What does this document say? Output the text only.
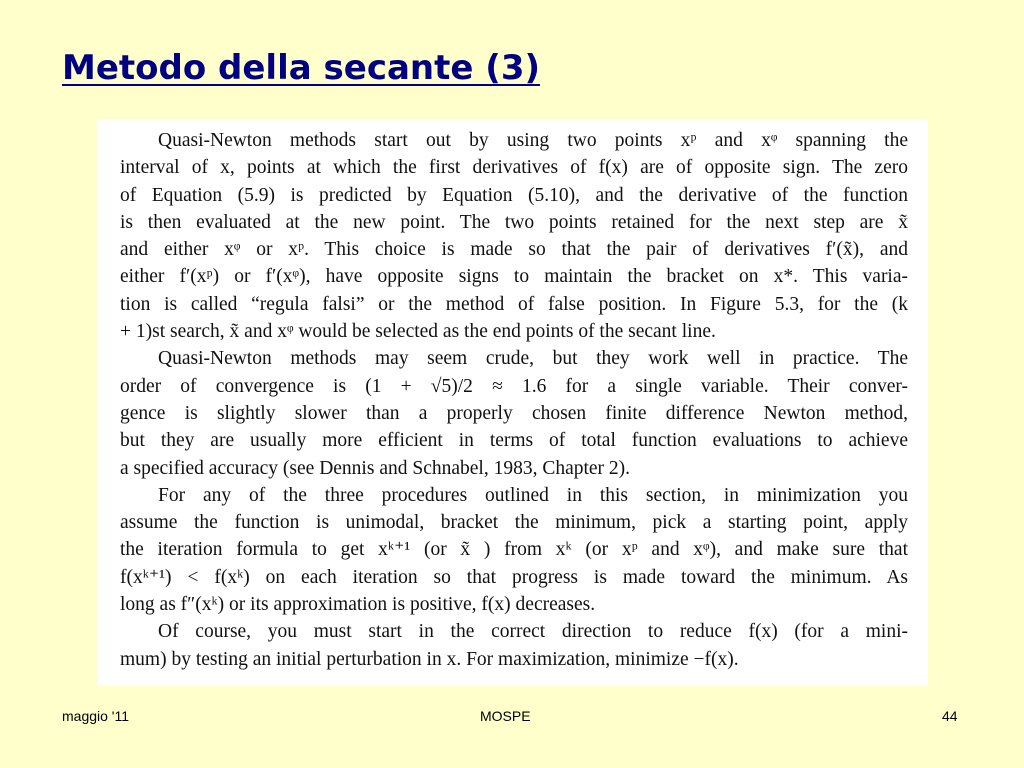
Metodo della secante (3)
Quasi-Newton methods start out by using two points xᵖ and xᵠ spanning the
interval of x, points at which the first derivatives of f(x) are of opposite sign. The zero
of Equation (5.9) is predicted by Equation (5.10), and the derivative of the function
is then evaluated at the new point. The two points retained for the next step are x̃
and either xᵠ or xᵖ. This choice is made so that the pair of derivatives f′(x̃), and
either f′(xᵖ) or f′(xᵠ), have opposite signs to maintain the bracket on x*. This varia-
tion is called “regula falsi” or the method of false position. In Figure 5.3, for the (k
+ 1)st search, x̃ and xᵠ would be selected as the end points of the secant line.
Quasi-Newton methods may seem crude, but they work well in practice. The
order of convergence is (1 + √5)/2 ≈ 1.6 for a single variable. Their conver-
gence is slightly slower than a properly chosen finite difference Newton method,
but they are usually more efficient in terms of total function evaluations to achieve
a specified accuracy (see Dennis and Schnabel, 1983, Chapter 2).
For any of the three procedures outlined in this section, in minimization you
assume the function is unimodal, bracket the minimum, pick a starting point, apply
the iteration formula to get xᵏ⁺¹ (or x̃ ) from xᵏ (or xᵖ and xᵠ), and make sure that
f(xᵏ⁺¹) < f(xᵏ) on each iteration so that progress is made toward the minimum. As
long as f″(xᵏ) or its approximation is positive, f(x) decreases.
Of course, you must start in the correct direction to reduce f(x) (for a mini-
mum) by testing an initial perturbation in x. For maximization, minimize −f(x).
maggio '11	MOSPE	44
